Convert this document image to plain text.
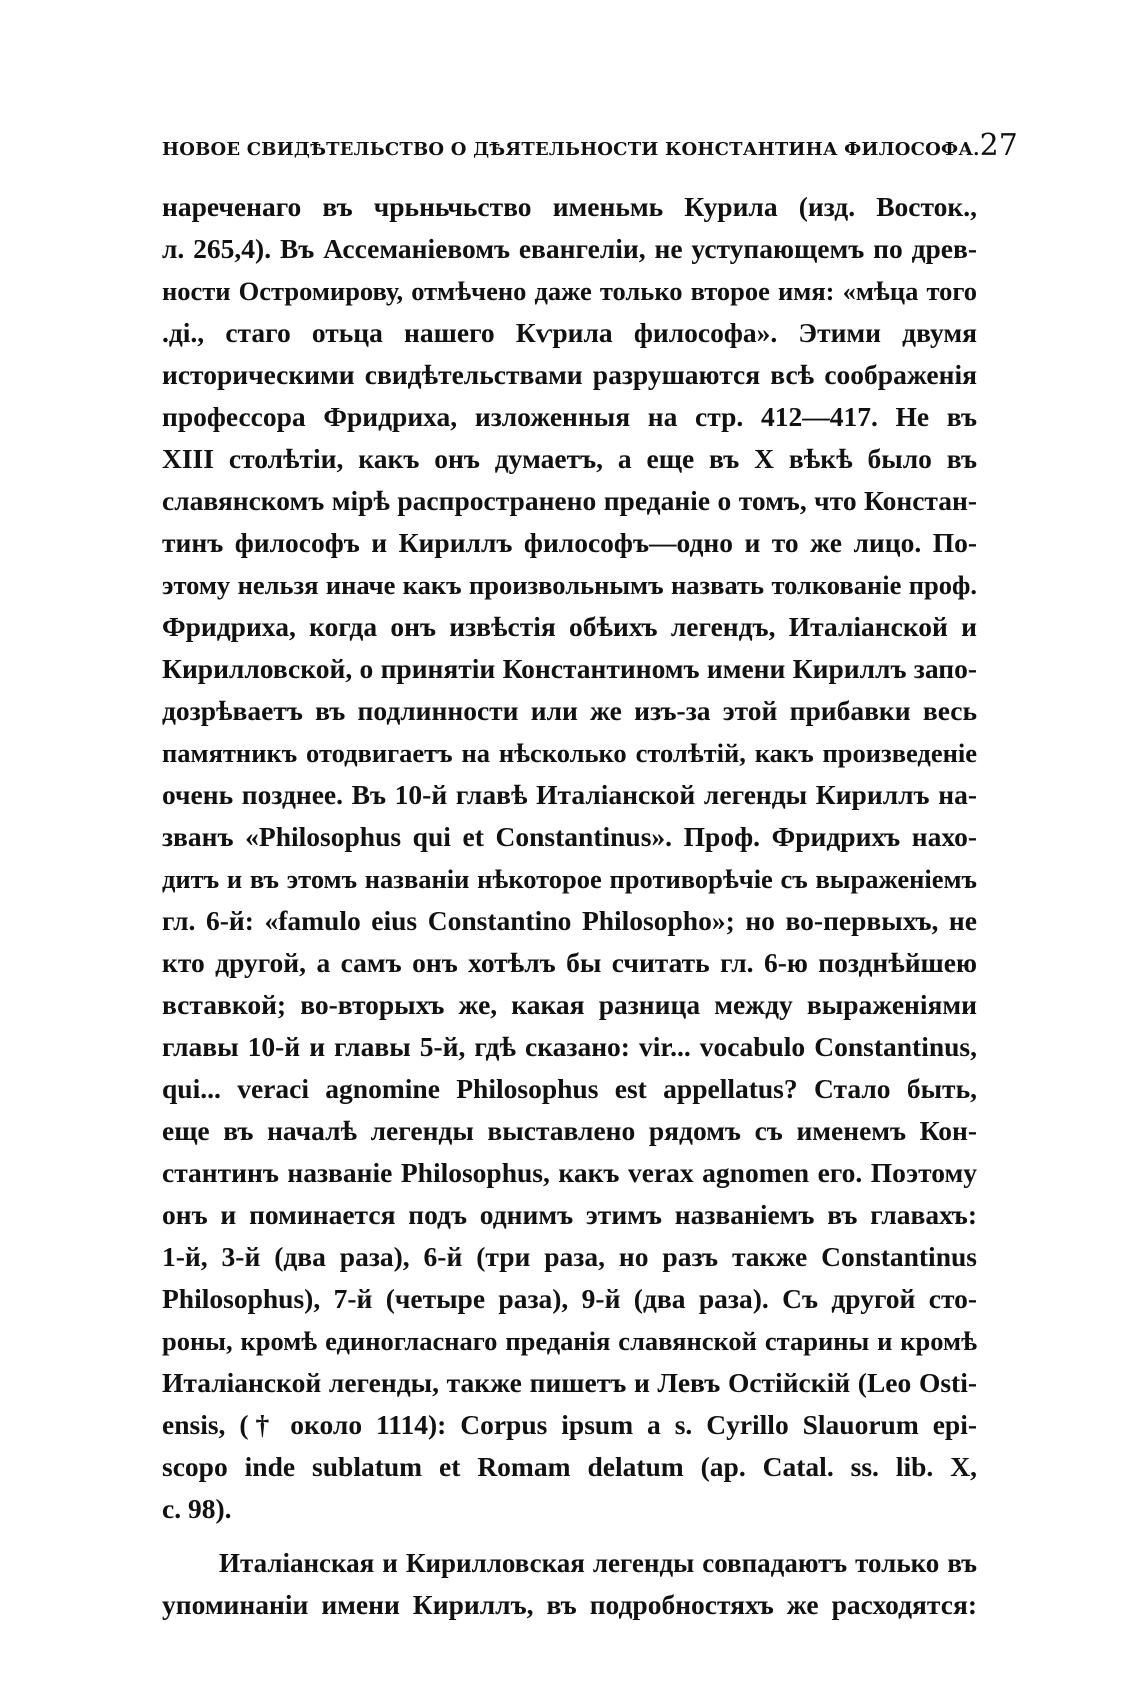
НОВОЕ СВИДѢТЕЛЬСТВО О ДѢЯТЕЛЬНОСТИ КОНСТАНТИНА ФИЛОСОФА. 27
нареченаго въ чрьньчьство именьмь Курила (изд. Восток.,
л. 265,4). Въ Ассеманіевомъ евангеліи, не уступающемъ по древ-
ности Остромирову, отмѣчено даже только второе имя: «мѣца того
.ді., стаго отьца нашего Кѵрила философа». Этими двумя
историческими свидѣтельствами разрушаются всѣ соображенія
профессора Фридриха, изложенныя на стр. 412—417. Не въ
XIII столѣтіи, какъ онъ думаетъ, а еще въ X вѣкѣ было въ
славянскомъ мірѣ распространено преданіе о томъ, что Констан-
тинъ философъ и Кириллъ философъ—одно и то же лицо. По-
этому нельзя иначе какъ произвольнымъ назвать толкованіе проф.
Фридриха, когда онъ извѣстія обѣихъ легендъ, Италіанской и
Кирилловской, о принятіи Константиномъ имени Кириллъ запо-
дозрѣваетъ въ подлинности или же изъ-за этой прибавки весь
памятникъ отодвигаетъ на нѣсколько столѣтій, какъ произведеніе
очень позднее. Въ 10-й главѣ Италіанской легенды Кириллъ на-
званъ «Philosophus qui et Constantinus». Проф. Фридрихъ нахо-
дитъ и въ этомъ названіи нѣкоторое противорѣчіе съ выраженіемъ
гл. 6-й: «famulo eius Constantino Philosopho»; но во-первыхъ, не
кто другой, а самъ онъ хотѣлъ бы считать гл. 6-ю позднѣйшею
вставкой; во-вторыхъ же, какая разница между выраженіями
главы 10-й и главы 5-й, гдѣ сказано: vir... vocabulo Constantinus,
qui... veraci agnomine Philosophus est appellatus? Стало быть,
еще въ началѣ легенды выставлено рядомъ съ именемъ Кон-
стантинъ названіе Philosophus, какъ verax agnomen его. Поэтому
онъ и поминается подъ однимъ этимъ названіемъ въ главахъ:
1-й, 3-й (два раза), 6-й (три раза, но разъ также Constantinus
Philosophus), 7-й (четыре раза), 9-й (два раза). Съ другой сто-
роны, кромѣ единогласнаго преданія славянской старины и кромѣ
Италіанской легенды, также пишетъ и Левъ Остійскій (Leo Osti-
ensis, († около 1114): Corpus ipsum a s. Cyrillo Slauorum epi-
scopo inde sublatum et Romam delatum (ap. Catal. ss. lib. X,
c. 98).
Италіанская и Кирилловская легенды совпадаютъ только въ
упоминаніи имени Кириллъ, въ подробностяхъ же расходятся:
